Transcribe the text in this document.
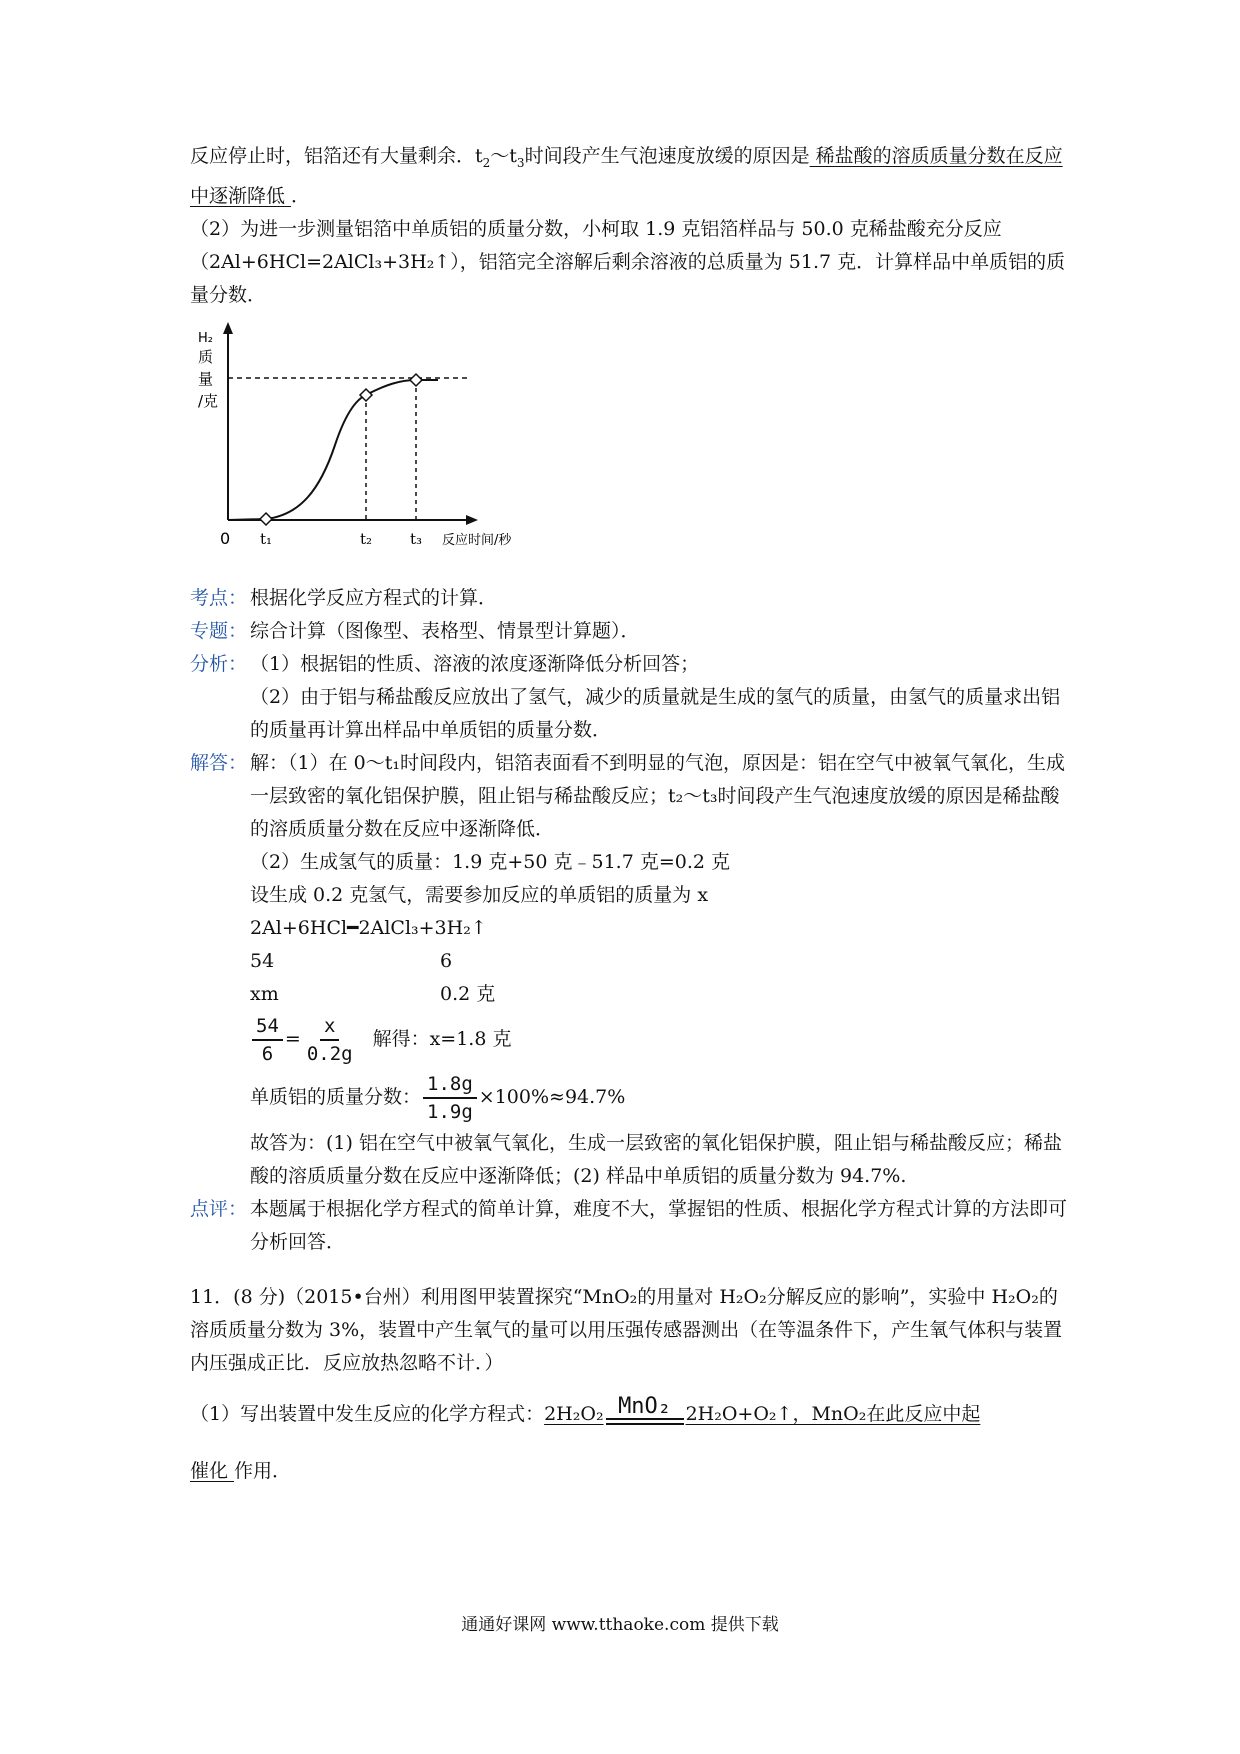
反应停止时，铝箔还有大量剩余．$t_2\sim t_3$时间段产生气泡速度放缓的原因是 稀盐酸的溶质质量分数在反应中逐渐降低 ．

（2）为进一步测量铝箔中单质铝的质量分数，小柯取 1.9 克铝箔样品与 50.0 克稀盐酸充分反应（2Al+6HCl=2AlCl₃+3H₂↑），铝箔完全溶解后剩余溶液的总质量为 51.7 克．计算样品中单质铝的质量分数．

H₂
质
量
/克
0 t₁	t₂	t₃ 反应时间/秒
考点： 根据化学反应方程式的计算．
专题： 综合计算（图像型、表格型、情景型计算题）．
分析： （1）根据铝的性质、溶液的浓度逐渐降低分析回答；
（2）由于铝与稀盐酸反应放出了氢气，减少的质量就是生成的氢气的质量，由氢气的质量求出铝的质量再计算出样品中单质铝的质量分数．
解答： 解：（1）在 0～t₁时间段内，铝箔表面看不到明显的气泡，原因是：铝在空气中被氧气氧化，生成一层致密的氧化铝保护膜，阻止铝与稀盐酸反应；t₂～t₃时间段产生气泡速度放缓的原因是稀盐酸的溶质质量分数在反应中逐渐降低．
（2）生成氢气的质量：1.9 克+50 克﹣51.7 克=0.2 克
设生成 0.2 克氢气，需要参加反应的单质铝的质量为 x
2Al+6HCl━2AlCl₃+3H₂↑
54	6
xm	0.2 克
$\frac{54}{6} = \frac{x}{0.2g}$ 解得：x=1.8 克
单质铝的质量分数： $\frac{1.8g}{1.9g} \times 100\%\approx 94.7\%$
故答为：(1) 铝在空气中被氧气氧化，生成一层致密的氧化铝保护膜，阻止铝与稀盐酸反应；稀盐酸的溶质质量分数在反应中逐渐降低；(2) 样品中单质铝的质量分数为 94.7%.
点评： 本题属于根据化学方程式的简单计算，难度不大，掌握铝的性质、根据化学方程式计算的方法即可分析回答．

11．(8 分)（2015•台州）利用图甲装置探究“MnO₂的用量对 H₂O₂分解反应的影响”，实验中 H₂O₂的溶质质量分数为 3%，装置中产生氧气的量可以用压强传感器测出（在等温条件下，产生氧气体积与装置内压强成正比．反应放热忽略不计．）

（1）写出装置中发生反应的化学方程式： 2H₂O₂ MnO₂ 2H₂O+O₂↑ ，MnO₂在此反应中起
催化 作用．
通通好课网 www.tthaoke.com 提供下载
